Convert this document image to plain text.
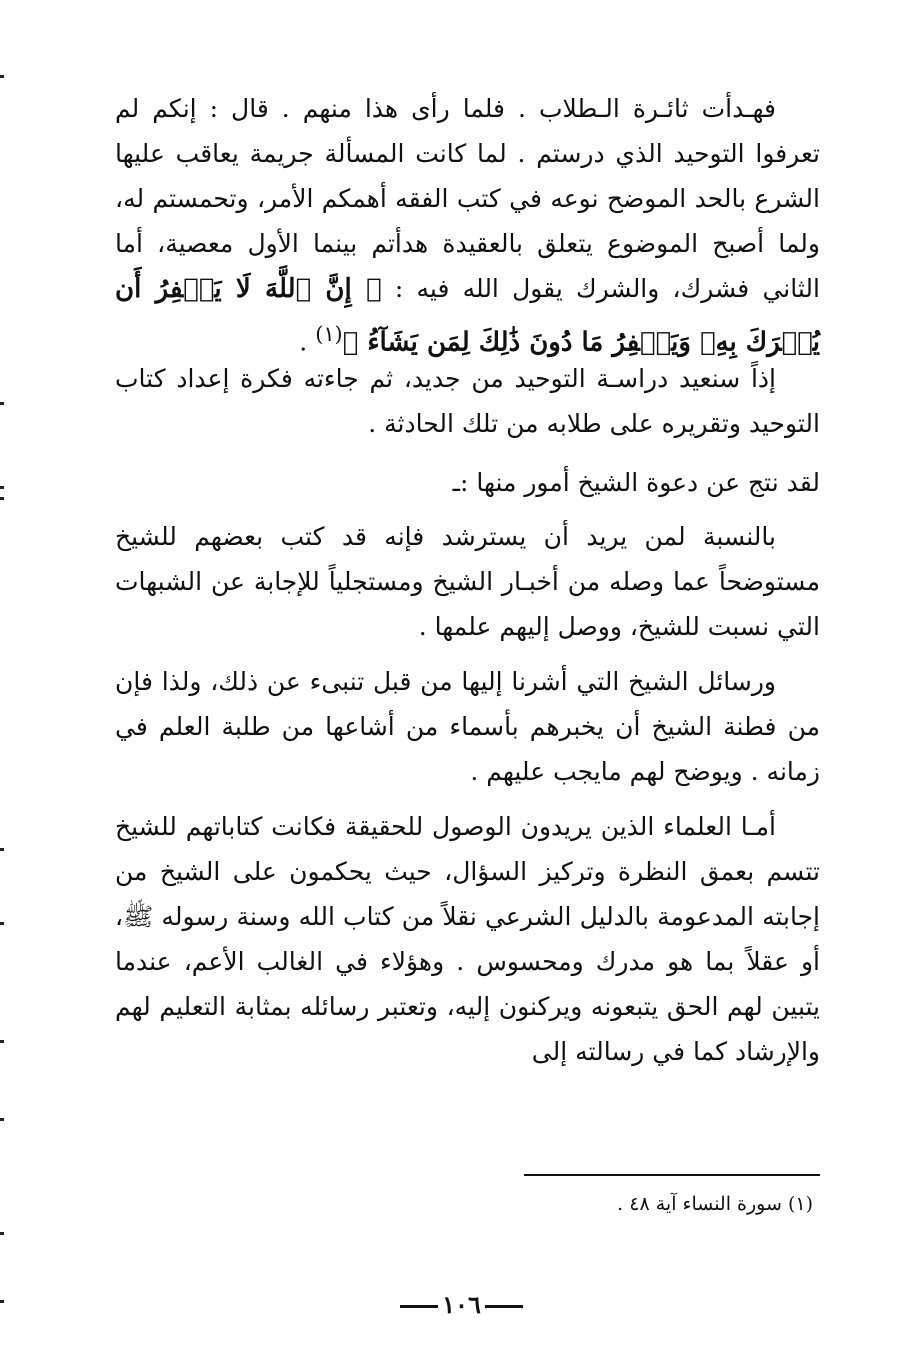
فهـدأت ثائـرة الـطلاب . فلما رأى هذا منهم . قال : إنكم لم تعرفوا التوحيد الذي درستم . لما كانت المسألة جريمة يعاقب عليها الشرع بالحد الموضح نوعه في كتب الفقه أهمكم الأمر، وتحمستم له، ولما أصبح الموضوع يتعلق بالعقيدة هدأتم بينما الأول معصية، أما الثاني فشرك، والشرك يقول الله فيه : ﴿ إِنَّ ٱللَّهَ لَا يَغۡفِرُ أَن يُشۡرَكَ بِهِۦ وَيَغۡفِرُ مَا دُونَ ذَٰلِكَ لِمَن يَشَآءُ ﴾$^{(١)}$ .

إذاً سنعيد دراسـة التوحيد من جديد، ثم جاءته فكرة إعداد كتاب التوحيد وتقريره على طلابه من تلك الحادثة .

لقد نتج عن دعوة الشيخ أمور منها :ـ

بالنسبة لمن يريد أن يسترشد فإنه قد كتب بعضهم للشيخ مستوضحاً عما وصله من أخبـار الشيخ ومستجلياً للإجابة عن الشبهات التي نسبت للشيخ، ووصل إليهم علمها .

ورسائل الشيخ التي أشرنا إليها من قبل تنبىء عن ذلك، ولذا فإن من فطنة الشيخ أن يخبرهم بأسماء من أشاعها من طلبة العلم في زمانه . ويوضح لهم مايجب عليهم .

أمـا العلماء الذين يريدون الوصول للحقيقة فكانت كتاباتهم للشيخ تتسم بعمق النظرة وتركيز السؤال، حيث يحكمون على الشيخ من إجابته المدعومة بالدليل الشرعي نقلاً من كتاب الله وسنة رسوله ﷺ، أو عقلاً بما هو مدرك ومحسوس . وهؤلاء في الغالب الأعم، عندما يتبين لهم الحق يتبعونه ويركنون إليه، وتعتبر رسائله بمثابة التعليم لهم والإرشاد كما في رسالته إلى

(١) سورة النساء آية ٤٨ .
١٠٦
